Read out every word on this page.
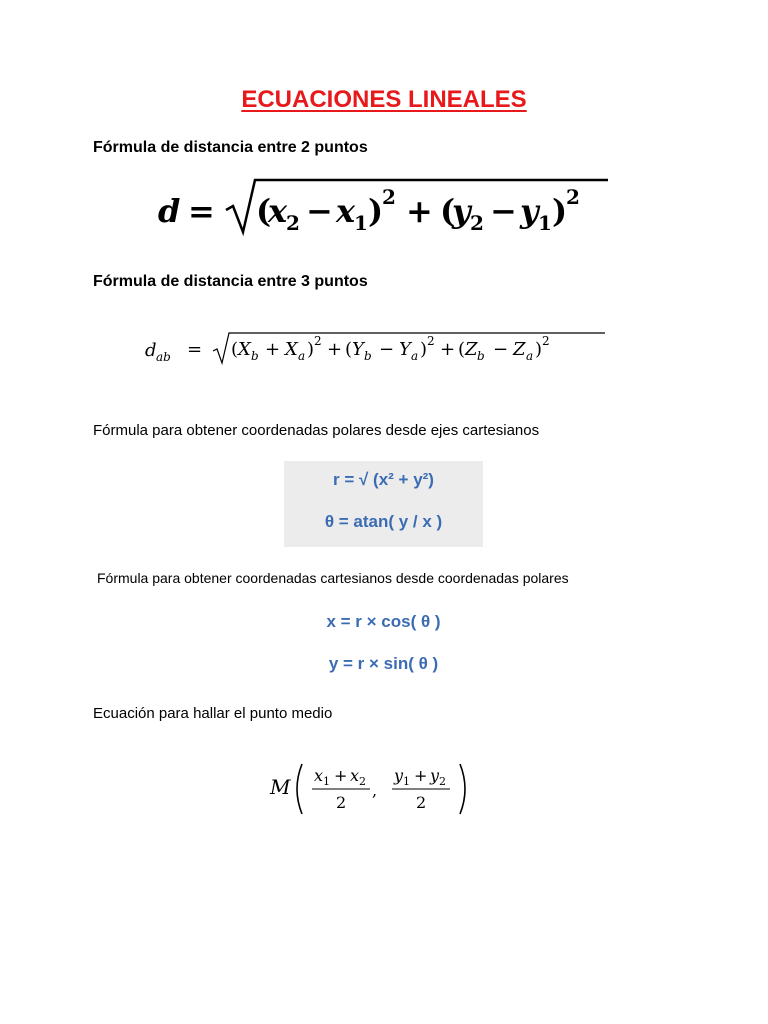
ECUACIONES LINEALES
Fórmula de distancia entre 2 puntos
d = (
x
2 − x
1 )
2 + (
y 2 − y 1 )
2
Fórmula de distancia entre 3 puntos
d ab = ( X b + X a ) 2 + ( Y b − Y a ) 2 + ( Z b − Z a ) 2
Fórmula para obtener coordenadas polares desde ejes cartesianos
r = √ (x² + y²)
θ = atan( y / x )
Fórmula para obtener coordenadas cartesianos desde coordenadas polares
x = r × cos( θ )
y = r × sin( θ )
Ecuación para hallar el punto medio
M x 1 + x 2
2
,
y 1 + y 2
2
